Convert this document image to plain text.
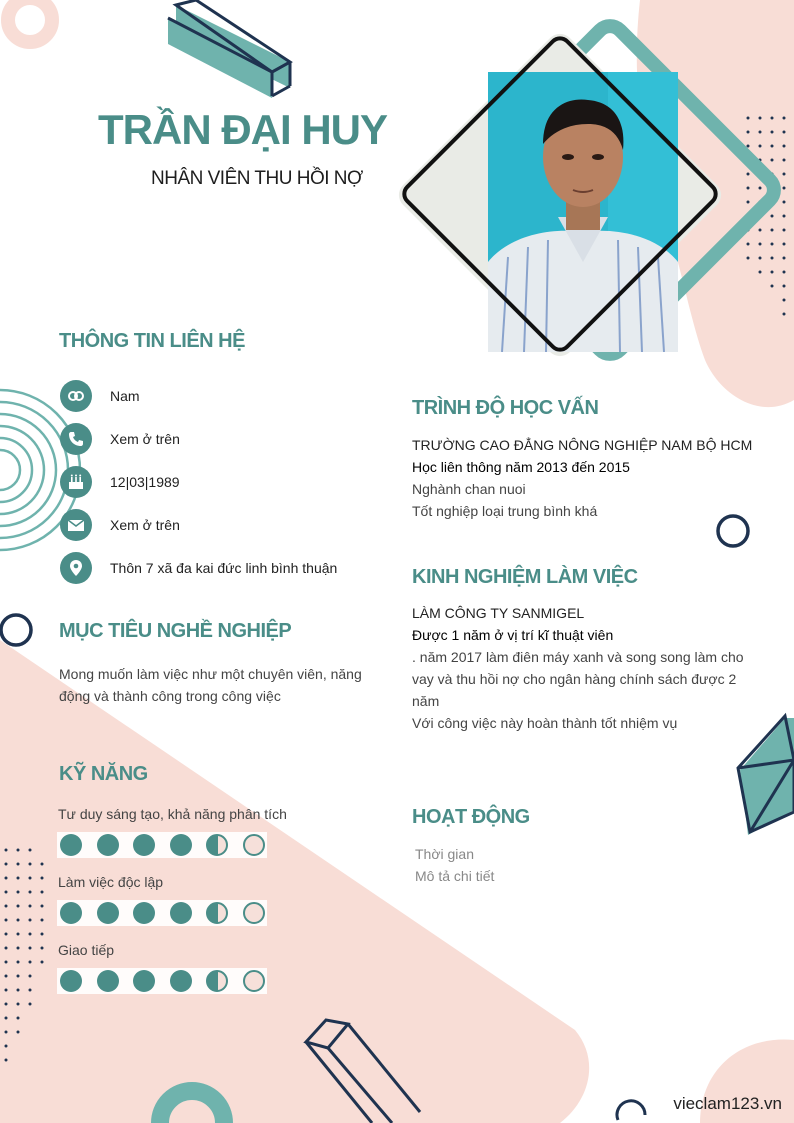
TRẦN ĐẠI HUY
NHÂN VIÊN THU HỒI NỢ
THÔNG TIN LIÊN HỆ
Nam
Xem ở trên
12|03|1989
Xem ở trên
Thôn 7 xã đa kai đức linh bình thuận
MỤC TIÊU NGHỀ NGHIỆP
Mong muốn làm việc như một chuyên viên, năng
động và thành công trong công việc
KỸ NĂNG
Tư duy sáng tạo, khả năng phân tích
Làm việc độc lập
Giao tiếp
TRÌNH ĐỘ HỌC VẤN
TRƯỜNG CAO ĐẲNG NÔNG NGHIỆP NAM BỘ HCM
Học liên thông năm 2013 đến 2015
Nghành chan nuoi
Tốt nghiệp loại trung bình khá
KINH NGHIỆM LÀM VIỆC
LÀM CÔNG TY SANMIGEL
Được 1 năm ở vị trí kĩ thuật viên
. năm 2017 làm điên máy xanh và song song làm cho
vay và thu hồi nợ cho ngân hàng chính sách được 2
năm
Với công việc này hoàn thành tốt nhiệm vụ
HOẠT ĐỘNG
Thời gian
Mô tả chi tiết
vieclam123.vn
